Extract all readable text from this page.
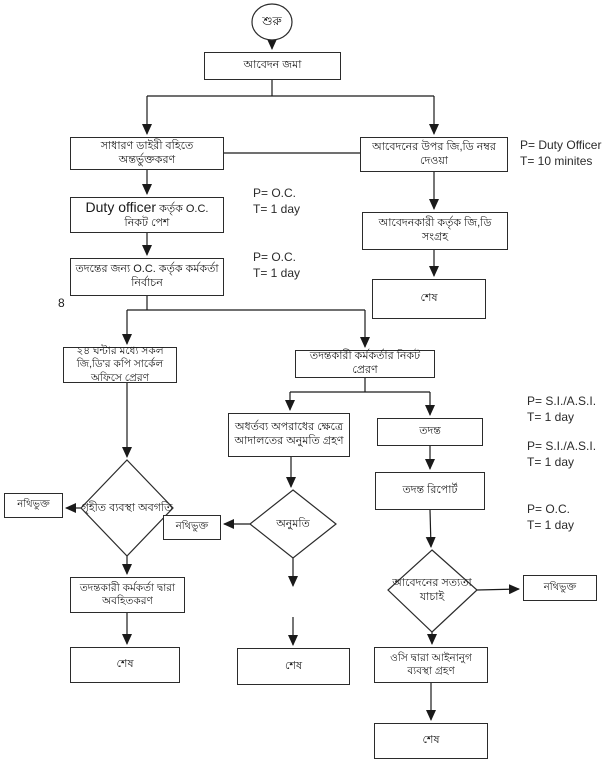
শুরু
গৃহীত ব্যবস্থা অবগতি
অনুমতি
আবেদনের সত্যতা যাচাই
আবেদন জমা
সাধারণ ডাইরী বহিতে অন্তর্ভুক্তকরণ
আবেদনের উপর জি,ডি নম্বর দেওয়া
Duty officer কর্তৃক O.C. নিকট পেশ	আবেদনকারী কর্তৃক জি,ডি সংগ্রহ
তদন্তের জন্য O.C. কর্তৃক কর্মকর্তা নির্বাচন
শেষ
২৪ ঘন্টার মধ্যে সকল জি,ডি'র কপি সার্কেল অফিসে প্রেরণ
তদন্তকারী কর্মকর্তার নিকট প্রেরণ
অধর্তব্য অপরাধের ক্ষেত্রে আদালতের অনুমতি গ্রহণ
তদন্ত
তদন্ত রিপোর্ট
নথিভুক্ত
নথিভুক্ত
নথিভুক্ত
তদন্তকারী কর্মকর্তা দ্বারা অবহিতকরণ
শেষ	শেষ
ওসি দ্বারা আইনানুগ ব্যবস্থা গ্রহণ
শেষ
P= Duty Officer
T= 10 minites
P= O.C.
T= 1 day
P= O.C.
T= 1 day
P= S.I./A.S.I.
T= 1 day
P= S.I./A.S.I.
T= 1 day
P= O.C.
T= 1 day
8
